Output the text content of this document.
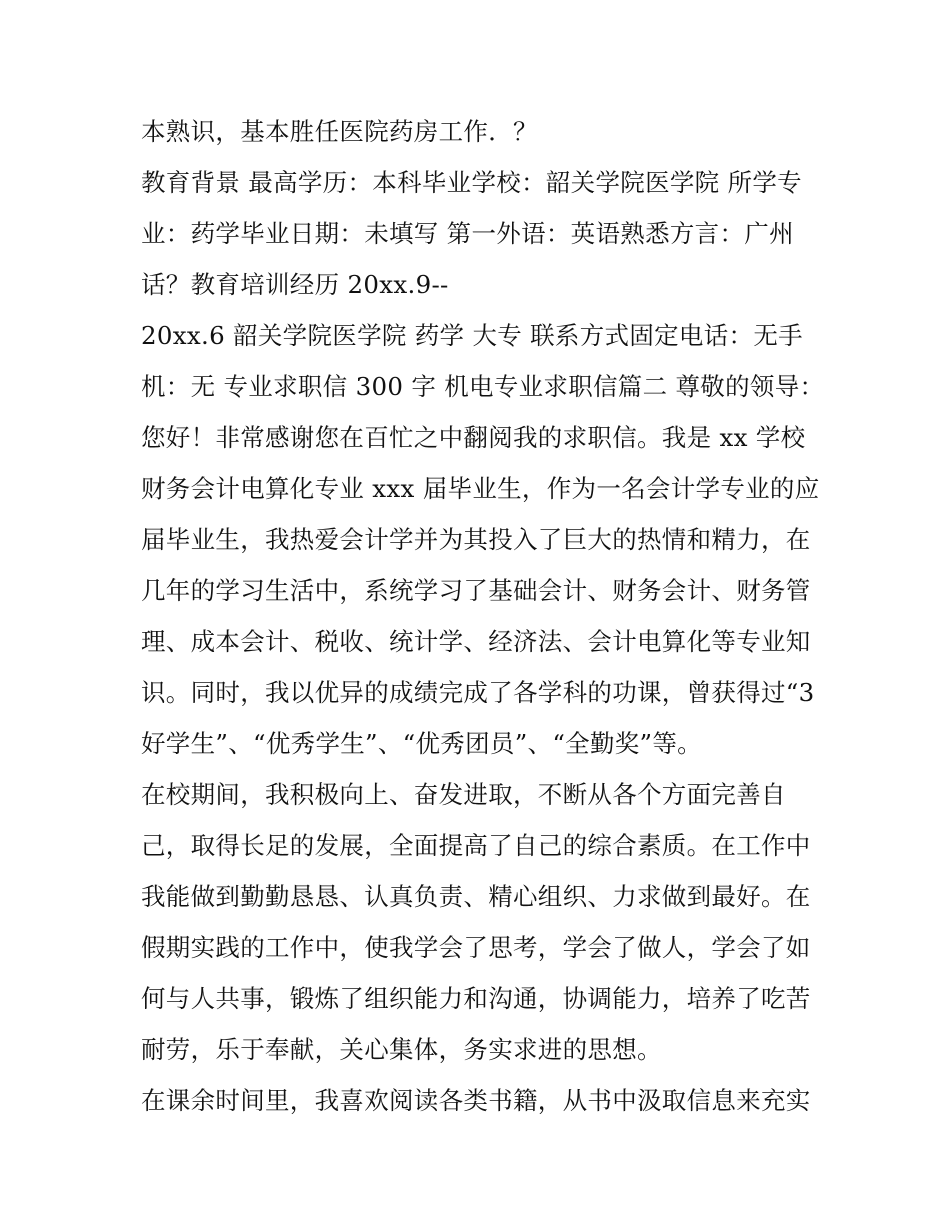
本熟识，基本胜任医院药房工作．？
教育背景 最高学历：本科毕业学校：韶关学院医学院 所学专
业：药学毕业日期：未填写 第一外语：英语熟悉方言：广州
话？教育培训经历 20xx.9--
20xx.6 韶关学院医学院 药学 大专 联系方式固定电话：无手
机：无 专业求职信 300 字 机电专业求职信篇二 尊敬的领导：
您好！非常感谢您在百忙之中翻阅我的求职信。我是 xx 学校
财务会计电算化专业 xxx 届毕业生，作为一名会计学专业的应
届毕业生，我热爱会计学并为其投入了巨大的热情和精力，在
几年的学习生活中，系统学习了基础会计、财务会计、财务管
理、成本会计、税收、统计学、经济法、会计电算化等专业知
识。同时，我以优异的成绩完成了各学科的功课，曾获得过“3
好学生”、“优秀学生”、“优秀团员”、“全勤奖”等。
在校期间，我积极向上、奋发进取，不断从各个方面完善自
己，取得长足的发展，全面提高了自己的综合素质。在工作中
我能做到勤勤恳恳、认真负责、精心组织、力求做到最好。在
假期实践的工作中，使我学会了思考，学会了做人，学会了如
何与人共事，锻炼了组织能力和沟通，协调能力，培养了吃苦
耐劳，乐于奉献，关心集体，务实求进的思想。
在课余时间里，我喜欢阅读各类书籍，从书中汲取信息来充实
